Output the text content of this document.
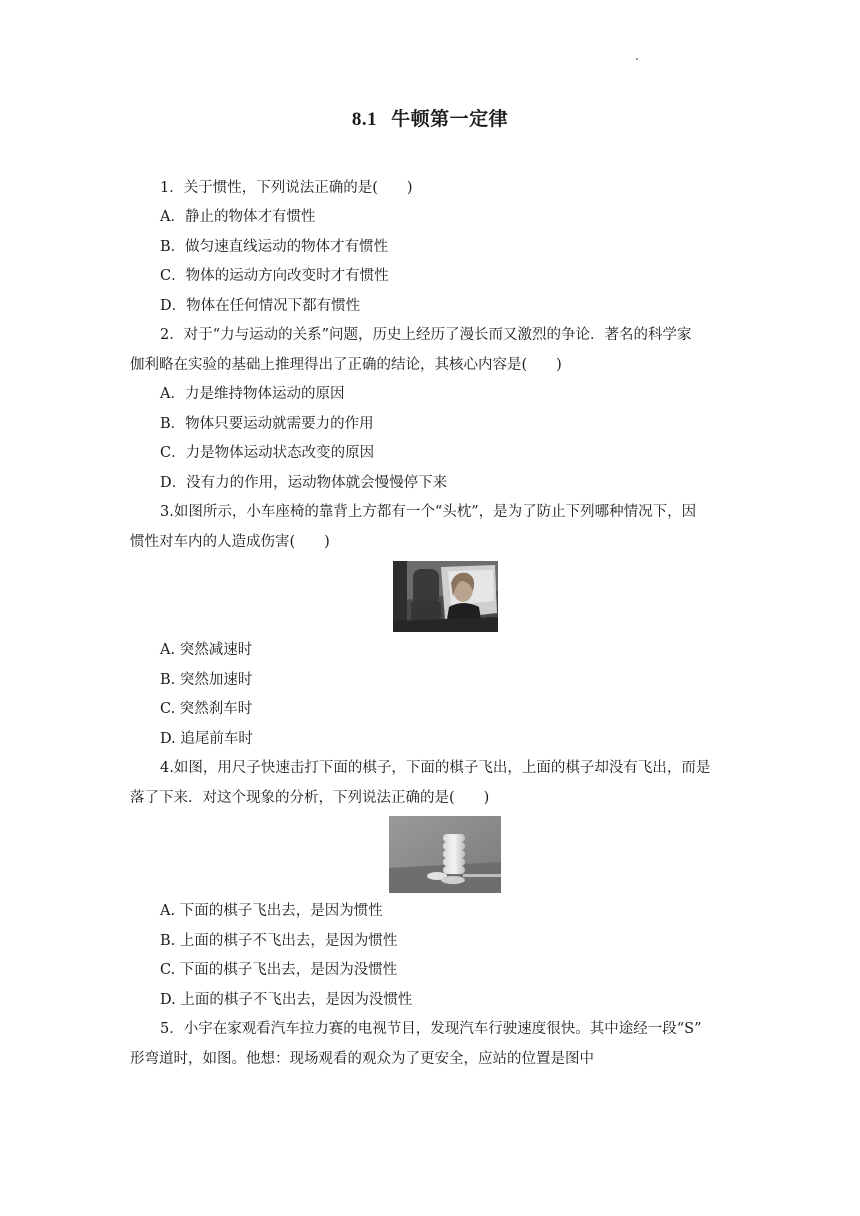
8.1 牛顿第一定律
1．关于惯性，下列说法正确的是(　　)
A．静止的物体才有惯性
B．做匀速直线运动的物体才有惯性
C．物体的运动方向改变时才有惯性
D．物体在任何情况下都有惯性
2．对于“力与运动的关系”问题，历史上经历了漫长而又激烈的争论．著名的科学家
伽利略在实验的基础上推理得出了正确的结论，其核心内容是(　　)
A．力是维持物体运动的原因
B．物体只要运动就需要力的作用
C．力是物体运动状态改变的原因
D．没有力的作用，运动物体就会慢慢停下来
3.如图所示，小车座椅的靠背上方都有一个“头枕”，是为了防止下列哪种情况下，因
惯性对车内的人造成伤害(　　)
A. 突然减速时
B. 突然加速时
C. 突然刹车时
D. 追尾前车时
4.如图，用尺子快速击打下面的棋子，下面的棋子飞出，上面的棋子却没有飞出，而是
落了下来．对这个现象的分析，下列说法正确的是(　　)
A. 下面的棋子飞出去，是因为惯性
B. 上面的棋子不飞出去，是因为惯性
C. 下面的棋子飞出去，是因为没惯性
D. 上面的棋子不飞出去，是因为没惯性
5．小宇在家观看汽车拉力赛的电视节目，发现汽车行驶速度很快。其中途经一段“S”
形弯道时，如图。他想：现场观看的观众为了更安全，应站的位置是图中
